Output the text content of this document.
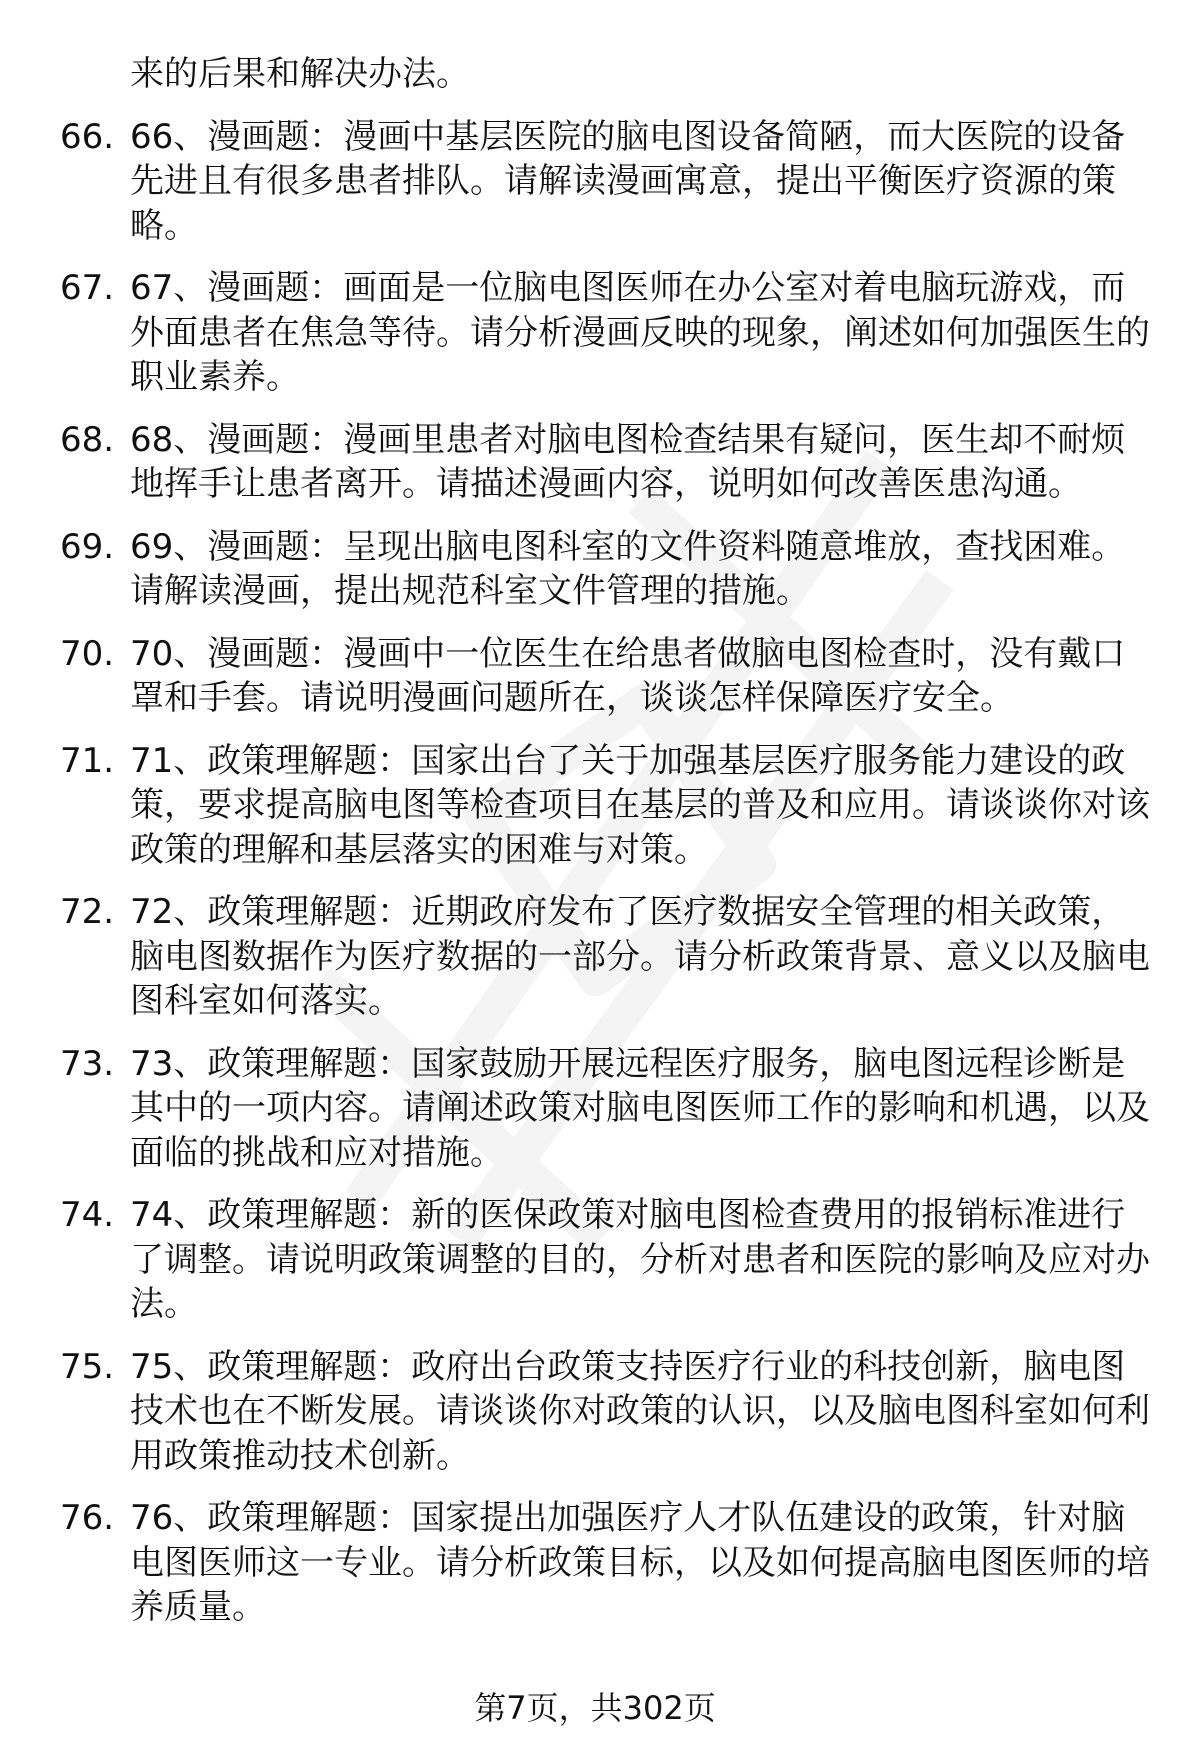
来的后果和解决办法。
66. 66、漫画题：漫画中基层医院的脑电图设备简陋，而大医院的设备先进且有很多患者排队。请解读漫画寓意，提出平衡医疗资源的策略。
67. 67、漫画题：画面是一位脑电图医师在办公室对着电脑玩游戏，而外面患者在焦急等待。请分析漫画反映的现象，阐述如何加强医生的职业素养。
68. 68、漫画题：漫画里患者对脑电图检查结果有疑问，医生却不耐烦地挥手让患者离开。请描述漫画内容，说明如何改善医患沟通。
69. 69、漫画题：呈现出脑电图科室的文件资料随意堆放，查找困难。请解读漫画，提出规范科室文件管理的措施。
70. 70、漫画题：漫画中一位医生在给患者做脑电图检查时，没有戴口罩和手套。请说明漫画问题所在，谈谈怎样保障医疗安全。
71. 71、政策理解题：国家出台了关于加强基层医疗服务能力建设的政策，要求提高脑电图等检查项目在基层的普及和应用。请谈谈你对该政策的理解和基层落实的困难与对策。
72. 72、政策理解题：近期政府发布了医疗数据安全管理的相关政策，脑电图数据作为医疗数据的一部分。请分析政策背景、意义以及脑电图科室如何落实。
73. 73、政策理解题：国家鼓励开展远程医疗服务，脑电图远程诊断是其中的一项内容。请阐述政策对脑电图医师工作的影响和机遇，以及面临的挑战和应对措施。
74. 74、政策理解题：新的医保政策对脑电图检查费用的报销标准进行了调整。请说明政策调整的目的，分析对患者和医院的影响及应对办法。
75. 75、政策理解题：政府出台政策支持医疗行业的科技创新，脑电图技术也在不断发展。请谈谈你对政策的认识，以及脑电图科室如何利用政策推动技术创新。
76. 76、政策理解题：国家提出加强医疗人才队伍建设的政策，针对脑电图医师这一专业。请分析政策目标，以及如何提高脑电图医师的培养质量。
第7页，共302页
